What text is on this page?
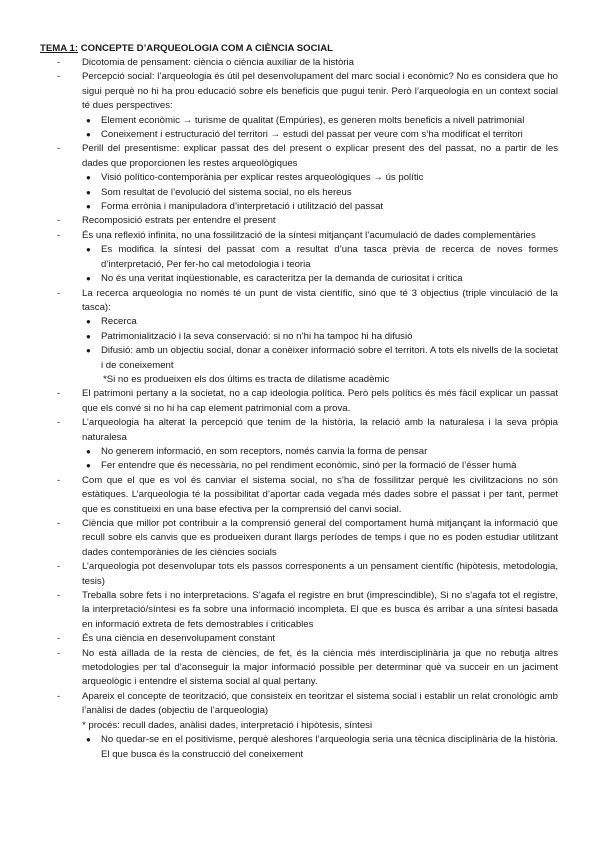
TEMA 1: CONCEPTE D’ARQUEOLOGIA COM A CIÈNCIA SOCIAL
-	Dicotomia de pensament: ciència o ciència auxiliar de la història
-	Percepció social: l’arqueologia és útil pel desenvolupament del marc social i econòmic? No es considera que ho sigui perquè no hi ha prou educació sobre els beneficis que pugui tenir. Però l’arqueologia en un context social té dues perspectives:
● Element econòmic → turisme de qualitat (Empúries), es generen molts beneficis a nivell patrimonial
● Coneixement i estructuració del territori → estudi del passat per veure com s’ha modificat el territori
-	Perill del presentisme: explicar passat des del present o explicar present des del passat, no a partir de les dades que proporcionen les restes arqueològiques
● Visió político-contemporània per explicar restes arqueològiques → ús polític
● Som resultat de l’evolució del sistema social, no els hereus
● Forma errònia i manipuladora d’interpretació i utilització del passat
-	Recomposició estrats per entendre el present
-	És una reflexió infinita, no una fossilització de la síntesi mitjançant l’acumulació de dades complementàries
● Es modifica la síntesi del passat com a resultat d’una tasca prèvia de recerca de noves formes d’interpretació, Per fer-ho cal metodologia i teoria
● No és una veritat inqüestionable, es caracteritza per la demanda de curiositat i crítica
-	La recerca arqueologia no només té un punt de vista científic, sinó que té 3 objectius (triple vinculació de la tasca):
● Recerca
● Patrimonialització i la seva conservació: si no n’hi ha tampoc hi ha difusió
● Difusió: amb un objectiu social, donar a conèixer informació sobre el territori. A tots els nivells de la societat i de coneixement
*Si no es produeixen els dos últims es tracta de dilatisme acadèmic
-	El patrimoni pertany a la societat, no a cap ideologia política. Però pels polítics és més fàcil explicar un passat que els convé si no hi ha cap element patrimonial com a prova.
-	L’arqueologia ha alterat la percepció que tenim de la història, la relació amb la naturalesa i la seva pròpia naturalesa
● No generem informació, en som receptors, només canvia la forma de pensar
● Fer entendre que és necessària, no pel rendiment econòmic, sinó per la formació de l’ésser humà
-	Com que el que es vol és canviar el sistema social, no s’ha de fossilitzar perquè les civilitzacions no són estàtiques. L’arqueologia té la possibilitat d’aportar cada vegada més dades sobre el passat i per tant, permet que es constitueixi en una base efectiva per la comprensió del canvi social.
-	Ciència que millor pot contribuir a la comprensió general del comportament humà mitjançant la informació que recull sobre els canvis que es produeixen durant llargs períodes de temps i que no es poden estudiar utilitzant dades contemporànies de les ciències socials
-	L’arqueologia pot desenvolupar tots els passos corresponents a un pensament científic (hipòtesis, metodologia, tesis)
-	Treballa sobre fets i no interpretacions. S’agafa el registre en brut (imprescindible), Si no s’agafa tot el registre, la interpretació/síntesi es fa sobre una informació incompleta. El que es busca és arribar a una síntesi basada en informació extreta de fets demostrables i criticables
-	És una ciència en desenvolupament constant
-	No està aïllada de la resta de ciències, de fet, és la ciència més interdisciplinària ja que no rebutja altres metodologies per tal d’aconseguir la major informació possible per determinar què va succeir en un jaciment arqueològic i entendre el sistema social al qual pertany.
-	Apareix el concepte de teorització, que consisteix en teoritzar el sistema social i establir un relat cronològic amb l’anàlisi de dades (objectiu de l’arqueologia)
* procés: recull dades, anàlisi dades, interpretació i hipòtesis, síntesi
● No quedar-se en el positivisme, perquè aleshores l’arqueologia seria una tècnica disciplinària de la història. El que busca és la construcció del coneixement
